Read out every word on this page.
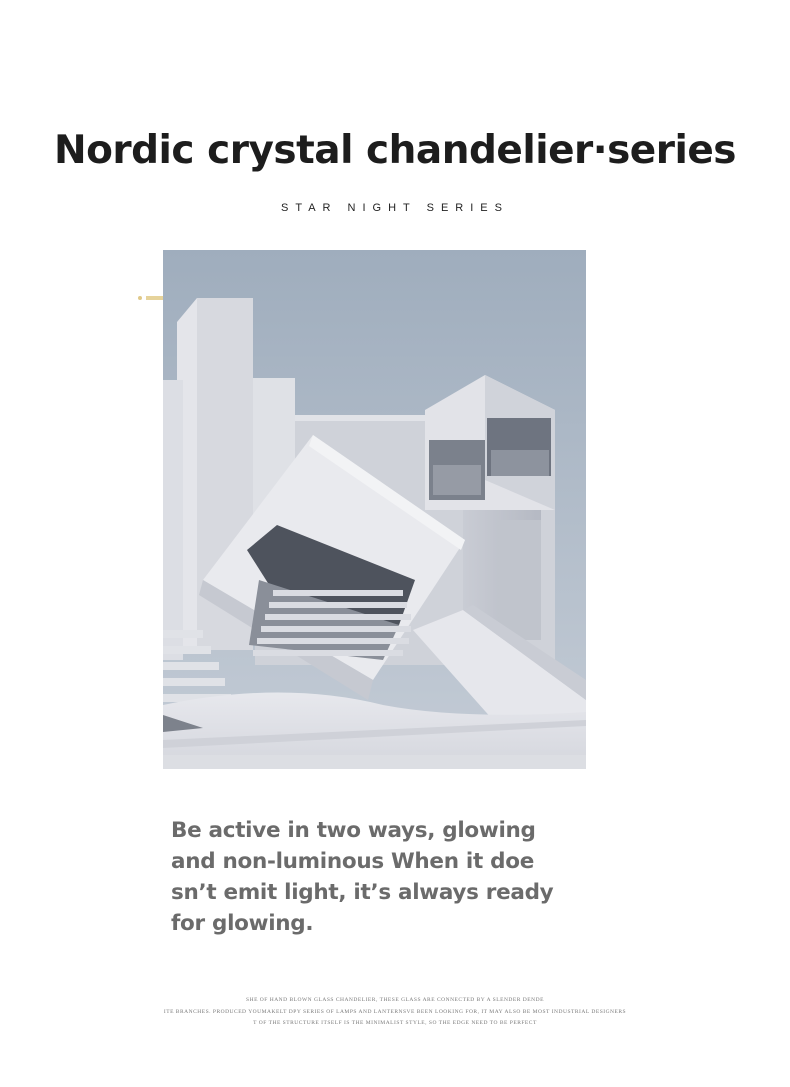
Nordic crystal chandelier·series
STAR NIGHT SERIES
Be active in two ways, glowing
and non-luminous When it doe
sn’t emit light, it’s always ready
for glowing.
SHE OF HAND BLOWN GLASS CHANDELIER, THESE GLASS ARE CONNECTED BY A SLENDER DENDE
ITE BRANCHES. PRODUCED YOUMAKELT DPY SERIES OF LAMPS AND LANTERNSVE BEEN LOOKING FOR, IT MAY ALSO BE MOST INDUSTRIAL DESIGNERS
T OF THE STRUCTURE ITSELF IS THE MINIMALIST STYLE, SO THE EDGE NEED TO BE PERFECT
